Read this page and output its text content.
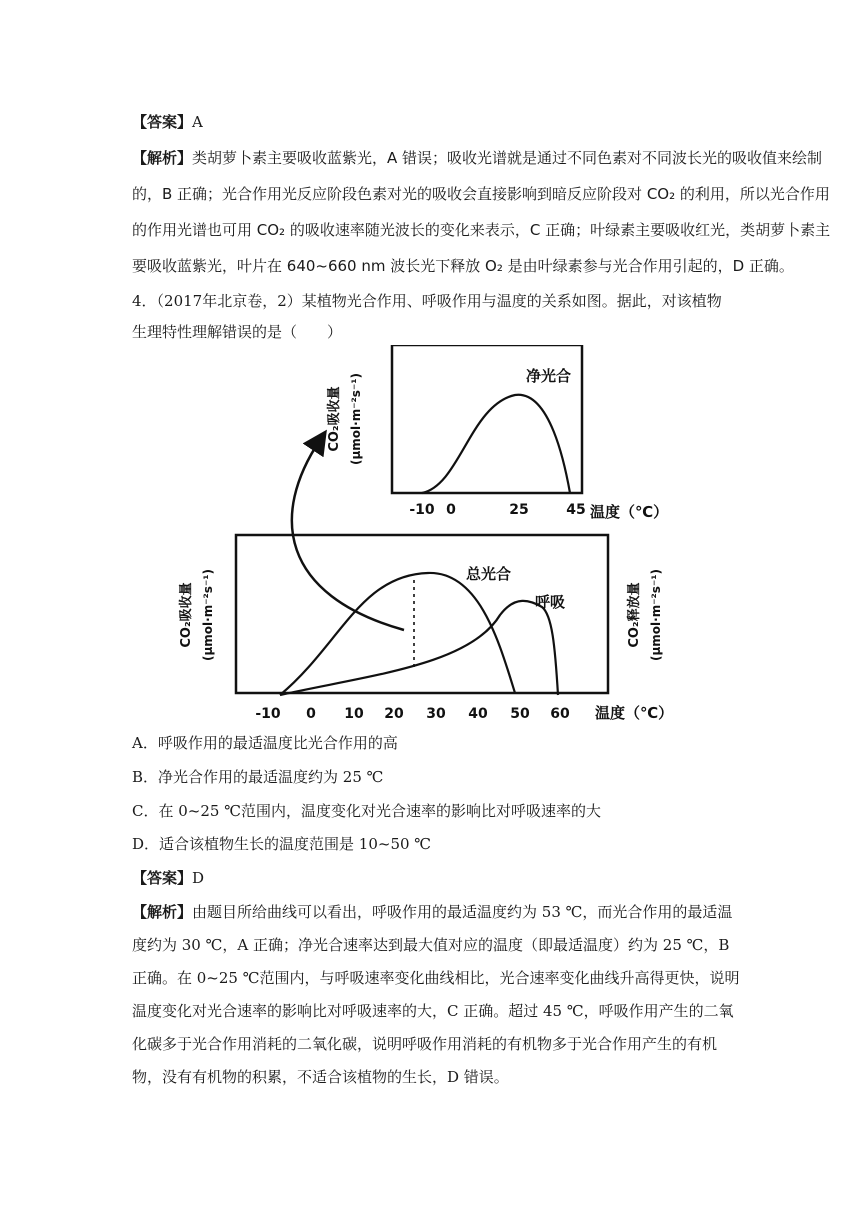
【答案】A
【解析】类胡萝卜素主要吸收蓝紫光，A 错误；吸收光谱就是通过不同色素对不同波长光的吸收值来绘制
的，B 正确；光合作用光反应阶段色素对光的吸收会直接影响到暗反应阶段对 CO₂ 的利用，所以光合作用
的作用光谱也可用 CO₂ 的吸收速率随光波长的变化来表示，C 正确；叶绿素主要吸收红光，类胡萝卜素主
要吸收蓝紫光，叶片在 640~660 nm 波长光下释放 O₂ 是由叶绿素参与光合作用引起的，D 正确。
4．（2017年北京卷，2）某植物光合作用、呼吸作用与温度的关系如图。据此，对该植物
生理特性理解错误的是（　　）
净光合
CO₂吸收量 (μmol·m⁻²s⁻¹)
-10 0	25	45 温度（℃）
总光合
呼吸
CO₂吸收量 (μmol·m⁻²s⁻¹)	CO₂释放量 (μmol·m⁻²s⁻¹)
-10 0 10 20 30 40 50 60 温度（℃）
A．呼吸作用的最适温度比光合作用的高
B．净光合作用的最适温度约为 25 ℃
C．在 0~25 ℃范围内，温度变化对光合速率的影响比对呼吸速率的大
D．适合该植物生长的温度范围是 10~50 ℃
【答案】D
【解析】由题目所给曲线可以看出，呼吸作用的最适温度约为 53 ℃，而光合作用的最适温
度约为 30 ℃，A 正确；净光合速率达到最大值对应的温度（即最适温度）约为 25 ℃，B
正确。在 0~25 ℃范围内，与呼吸速率变化曲线相比，光合速率变化曲线升高得更快，说明
温度变化对光合速率的影响比对呼吸速率的大，C 正确。超过 45 ℃，呼吸作用产生的二氧
化碳多于光合作用消耗的二氧化碳，说明呼吸作用消耗的有机物多于光合作用产生的有机
物，没有有机物的积累，不适合该植物的生长，D 错误。
